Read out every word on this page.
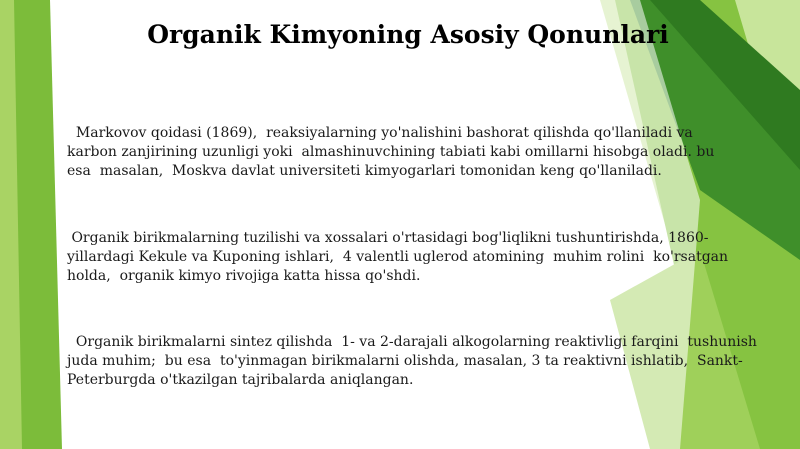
Organik Kimyoning Asosiy Qonunlari

Markovov qoidasi (1869),  reaksiyalarning yo'nalishini bashorat qilishda qo'llaniladi va
karbon zanjirining uzunligi yoki  almashinuvchining tabiati kabi omillarni hisobga oladi. bu
esa  masalan,  Moskva davlat universiteti kimyogarlari tomonidan keng qo'llaniladi.

Organik birikmalarning tuzilishi va xossalari o'rtasidagi bog'liqlikni tushuntirishda, 1860-
yillardagi Kekule va Kuponing ishlari,  4 valentli uglerod atomining  muhim rolini  ko'rsatgan
holda,  organik kimyo rivojiga katta hissa qo'shdi.

Organik birikmalarni sintez qilishda  1- va 2-darajali alkogolarning reaktivligi farqini  tushunish
juda muhim;  bu esa  to'yinmagan birikmalarni olishda, masalan, 3 ta reaktivni ishlatib,  Sankt-
Peterburgda o'tkazilgan tajribalarda aniqlangan.
